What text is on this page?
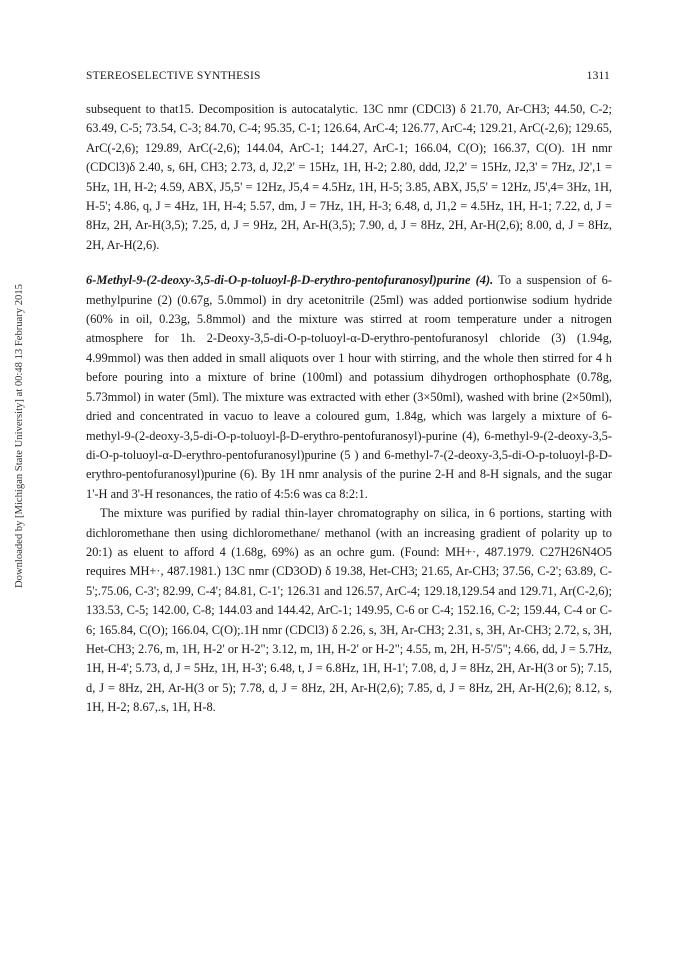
STEREOSELECTIVE SYNTHESIS	1311
Downloaded by [Michigan State University] at 00:48 13 February 2015

subsequent to that15. Decomposition is autocatalytic. 13C nmr (CDCl3) δ 21.70, Ar-CH3; 44.50, C-2; 63.49, C-5; 73.54, C-3; 84.70, C-4; 95.35, C-1; 126.64, ArC-4; 126.77, ArC-4; 129.21, ArC(-2,6); 129.65, ArC(-2,6); 129.89, ArC(-2,6); 144.04, ArC-1; 144.27, ArC-1; 166.04, C(O); 166.37, C(O). 1H nmr (CDCl3)δ 2.40, s, 6H, CH3; 2.73, d, J2,2' = 15Hz, 1H, H-2; 2.80, ddd, J2,2' = 15Hz, J2,3' = 7Hz, J2',1 = 5Hz, 1H, H-2; 4.59, ABX, J5,5' = 12Hz, J5,4 = 4.5Hz, 1H, H-5; 3.85, ABX, J5,5' = 12Hz, J5',4= 3Hz, 1H, H-5'; 4.86, q, J = 4Hz, 1H, H-4; 5.57, dm, J = 7Hz, 1H, H-3; 6.48, d, J1,2 = 4.5Hz, 1H, H-1; 7.22, d, J = 8Hz, 2H, Ar-H(3,5); 7.25, d, J = 9Hz, 2H, Ar-H(3,5); 7.90, d, J = 8Hz, 2H, Ar-H(2,6); 8.00, d, J = 8Hz, 2H, Ar-H(2,6).

6-Methyl-9-(2-deoxy-3,5-di-O-p-toluoyl-β-D-erythro-pentofuranosyl)purine (4). To a suspension of 6-methylpurine (2) (0.67g, 5.0mmol) in dry acetonitrile (25ml) was added portionwise sodium hydride (60% in oil, 0.23g, 5.8mmol) and the mixture was stirred at room temperature under a nitrogen atmosphere for 1h. 2-Deoxy-3,5-di-O-p-toluoyl-α-D-erythro-pentofuranosyl chloride (3) (1.94g, 4.99mmol) was then added in small aliquots over 1 hour with stirring, and the whole then stirred for 4 h before pouring into a mixture of brine (100ml) and potassium dihydrogen orthophosphate (0.78g, 5.73mmol) in water (5ml). The mixture was extracted with ether (3×50ml), washed with brine (2×50ml), dried and concentrated in vacuo to leave a coloured gum, 1.84g, which was largely a mixture of 6-methyl-9-(2-deoxy-3,5-di-O-p-toluoyl-β-D-erythro-pentofuranosyl)-purine (4), 6-methyl-9-(2-deoxy-3,5-di-O-p-toluoyl-α-D-erythro-pentofuranosyl)purine (5 ) and 6-methyl-7-(2-deoxy-3,5-di-O-p-toluoyl-β-D-erythro-pentofuranosyl)purine (6). By 1H nmr analysis of the purine 2-H and 8-H signals, and the sugar 1'-H and 3'-H resonances, the ratio of 4:5:6 was ca 8:2:1.

The mixture was purified by radial thin-layer chromatography on silica, in 6 portions, starting with dichloromethane then using dichloromethane/ methanol (with an increasing gradient of polarity up to 20:1) as eluent to afford 4 (1.68g, 69%) as an ochre gum. (Found: MH+·, 487.1979. C27H26N4O5 requires MH+·, 487.1981.) 13C nmr (CD3OD) δ 19.38, Het-CH3; 21.65, Ar-CH3; 37.56, C-2'; 63.89, C-5';.75.06, C-3'; 82.99, C-4'; 84.81, C-1'; 126.31 and 126.57, ArC-4; 129.18,129.54 and 129.71, Ar(C-2,6); 133.53, C-5; 142.00, C-8; 144.03 and 144.42, ArC-1; 149.95, C-6 or C-4; 152.16, C-2; 159.44, C-4 or C-6; 165.84, C(O); 166.04, C(O);.1H nmr (CDCl3) δ 2.26, s, 3H, Ar-CH3; 2.31, s, 3H, Ar-CH3; 2.72, s, 3H, Het-CH3; 2.76, m, 1H, H-2' or H-2"; 3.12, m, 1H, H-2' or H-2"; 4.55, m, 2H, H-5'/5"; 4.66, dd, J = 5.7Hz, 1H, H-4'; 5.73, d, J = 5Hz, 1H, H-3'; 6.48, t, J = 6.8Hz, 1H, H-1'; 7.08, d, J = 8Hz, 2H, Ar-H(3 or 5); 7.15, d, J = 8Hz, 2H, Ar-H(3 or 5); 7.78, d, J = 8Hz, 2H, Ar-H(2,6); 7.85, d, J = 8Hz, 2H, Ar-H(2,6); 8.12, s, 1H, H-2; 8.67,.s, 1H, H-8.
